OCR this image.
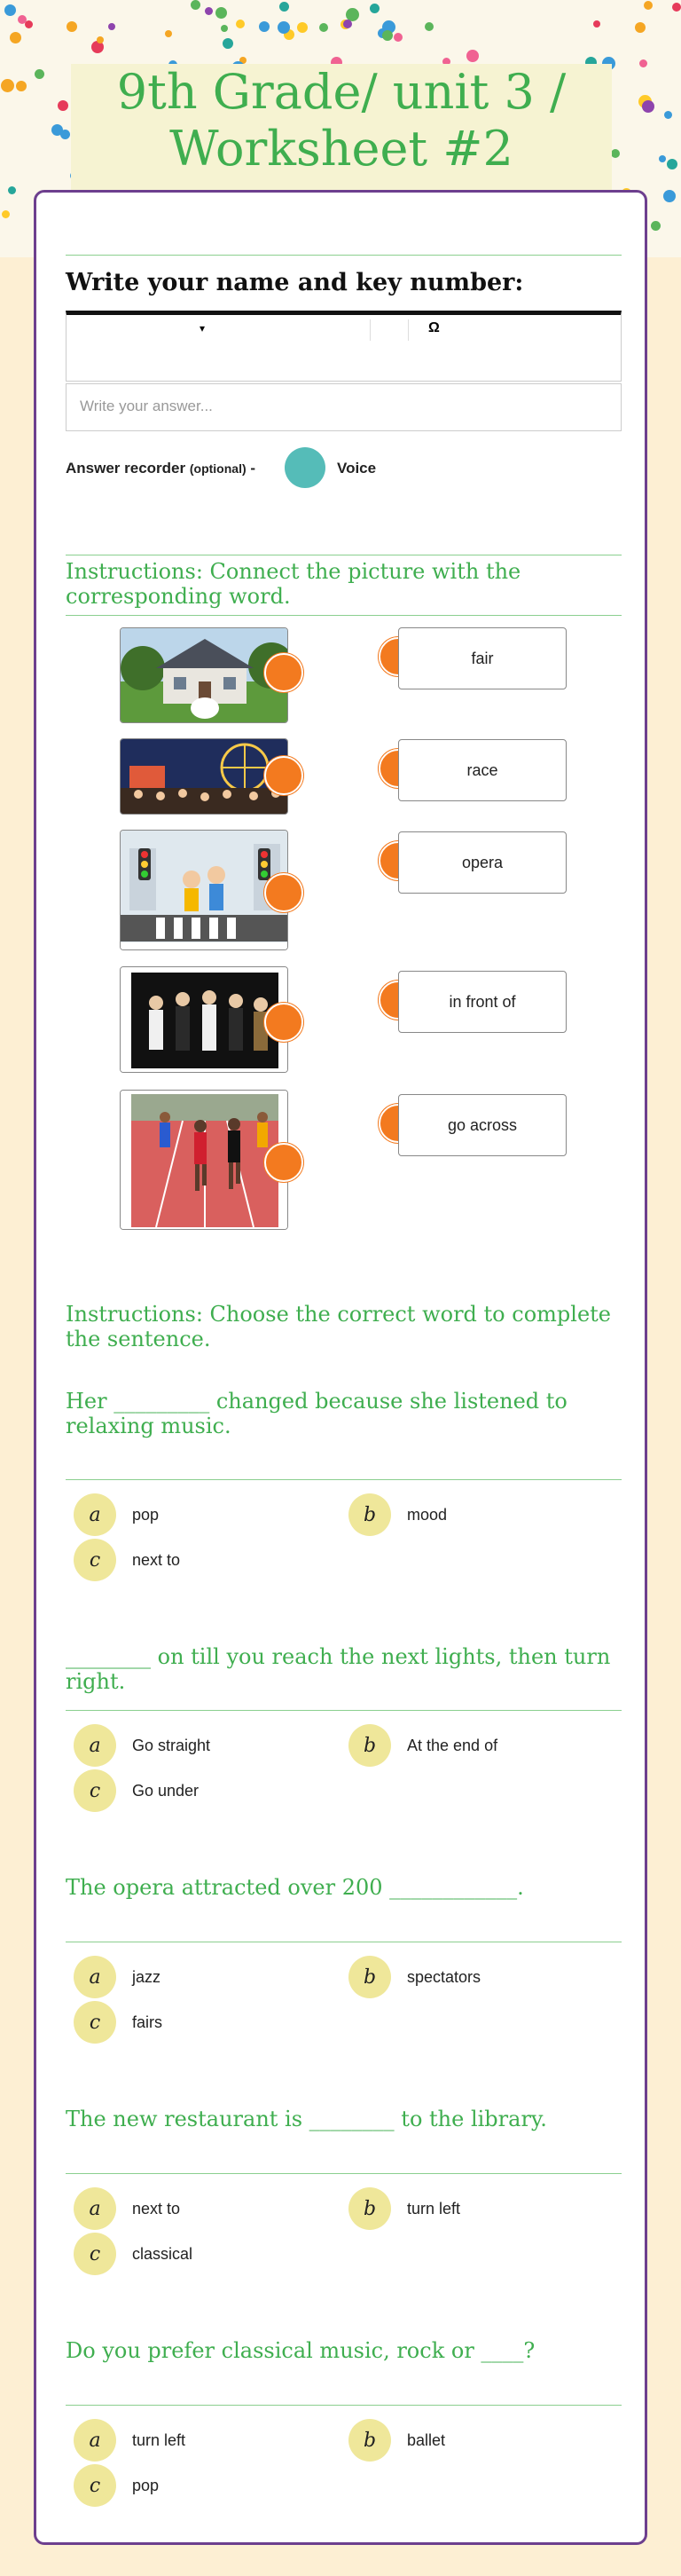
9th Grade/ unit 3 / Worksheet #2
Write your name and key number:
▾	Ω
Write your answer...
Answer recorder (optional) -	Voice
Instructions: Connect the picture with the corresponding word.
fair
race
opera
in front of
go across
Instructions: Choose the correct word to complete the sentence.
Her _________ changed because she listened to relaxing music.
a	pop	b	mood
c	next to
________ on till you reach the next lights, then turn right.
a	Go straight	b	At the end of
c	Go under
The opera attracted over 200 ____________.
a	jazz	b	spectators
c	fairs
The new restaurant is ________ to the library.
a	next to	b	turn left
c	classical
Do you prefer classical music, rock or ____?
a	turn left	b	ballet
c	pop
